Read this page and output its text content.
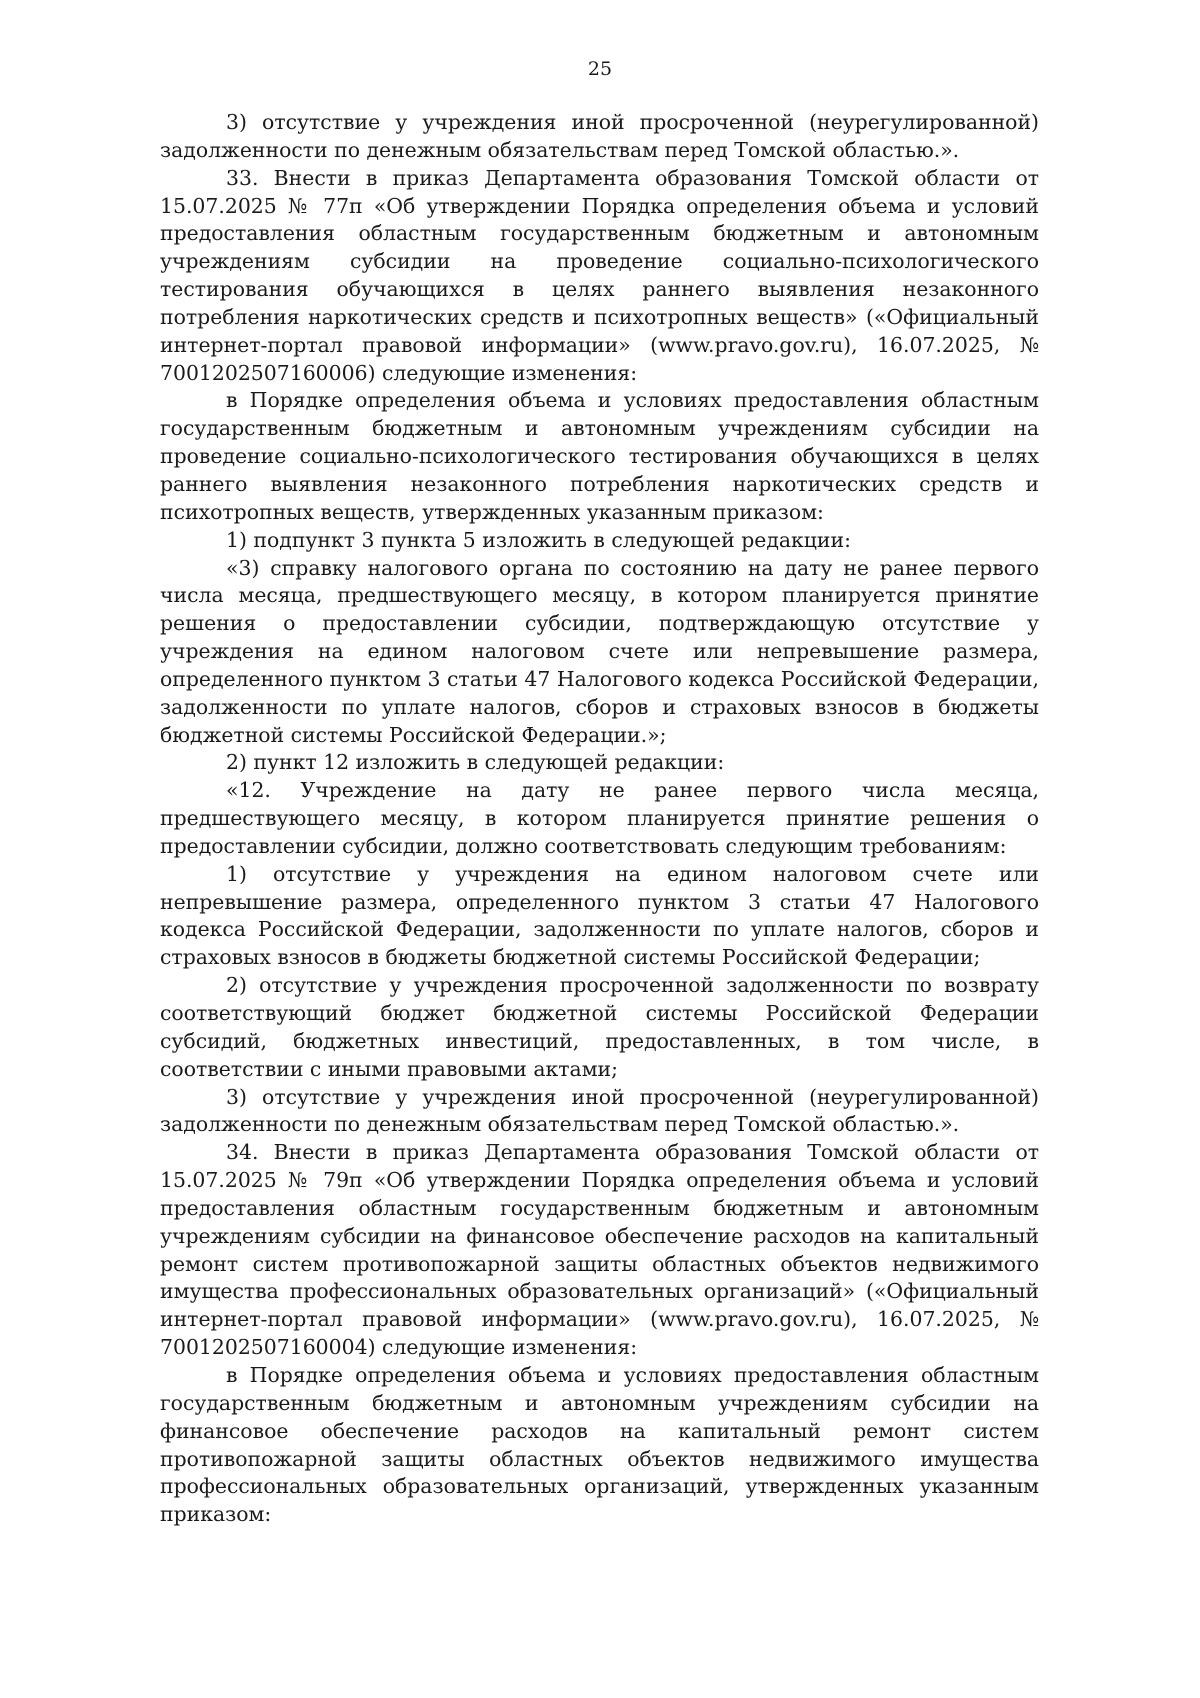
25

3) отсутствие у учреждения иной просроченной (неурегулированной) задолженности по денежным обязательствам перед Томской областью.».

33. Внести в приказ Департамента образования Томской области от 15.07.2025 № 77п «Об утверждении Порядка определения объема и условий предоставления областным государственным бюджетным и автономным учреждениям субсидии на проведение социально-психологического тестирования обучающихся в целях раннего выявления незаконного потребления наркотических средств и психотропных веществ» («Официальный интернет-портал правовой информации» (www.pravo.gov.ru), 16.07.2025, № 7001202507160006) следующие изменения:

в Порядке определения объема и условиях предоставления областным государственным бюджетным и автономным учреждениям субсидии на проведение социально-психологического тестирования обучающихся в целях раннего выявления незаконного потребления наркотических средств и психотропных веществ, утвержденных указанным приказом:

1) подпункт 3 пункта 5 изложить в следующей редакции:

«3) справку налогового органа по состоянию на дату не ранее первого числа месяца, предшествующего месяцу, в котором планируется принятие решения о предоставлении субсидии, подтверждающую отсутствие у учреждения на едином налоговом счете или непревышение размера, определенного пунктом 3 статьи 47 Налогового кодекса Российской Федерации, задолженности по уплате налогов, сборов и страховых взносов в бюджеты бюджетной системы Российской Федерации.»;

2) пункт 12 изложить в следующей редакции:

«12. Учреждение на дату не ранее первого числа месяца, предшествующего месяцу, в котором планируется принятие решения о предоставлении субсидии, должно соответствовать следующим требованиям:

1) отсутствие у учреждения на едином налоговом счете или непревышение размера, определенного пунктом 3 статьи 47 Налогового кодекса Российской Федерации, задолженности по уплате налогов, сборов и страховых взносов в бюджеты бюджетной системы Российской Федерации;

2) отсутствие у учреждения просроченной задолженности по возврату соответствующий бюджет бюджетной системы Российской Федерации субсидий, бюджетных инвестиций, предоставленных, в том числе, в соответствии с иными правовыми актами;

3) отсутствие у учреждения иной просроченной (неурегулированной) задолженности по денежным обязательствам перед Томской областью.».

34. Внести в приказ Департамента образования Томской области от 15.07.2025 № 79п «Об утверждении Порядка определения объема и условий предоставления областным государственным бюджетным и автономным учреждениям субсидии на финансовое обеспечение расходов на капитальный ремонт систем противопожарной защиты областных объектов недвижимого имущества профессиональных образовательных организаций» («Официальный интернет-портал правовой информации» (www.pravo.gov.ru), 16.07.2025, № 7001202507160004) следующие изменения:

в Порядке определения объема и условиях предоставления областным государственным бюджетным и автономным учреждениям субсидии на финансовое обеспечение расходов на капитальный ремонт систем противопожарной защиты областных объектов недвижимого имущества профессиональных образовательных организаций, утвержденных указанным приказом:
